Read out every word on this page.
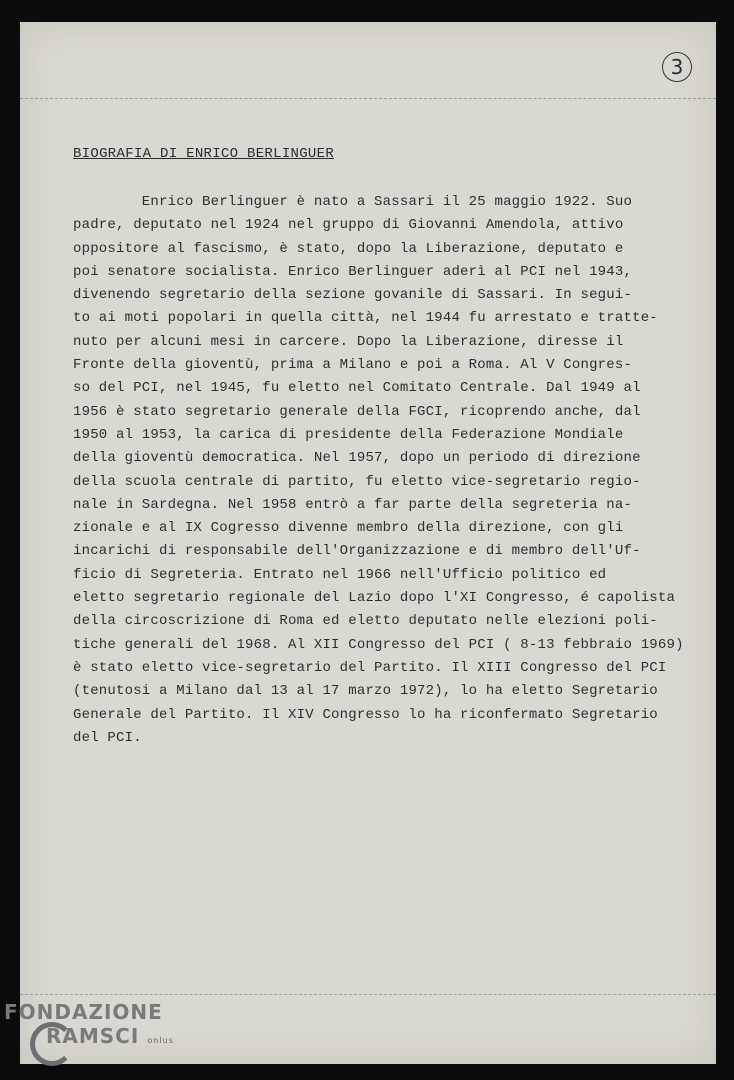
3
BIOGRAFIA DI ENRICO BERLINGUER
Enrico Berlinguer è nato a Sassari il 25 maggio 1922. Suo
padre, deputato nel 1924 nel gruppo di Giovanni Amendola, attivo
oppositore al fascismo, è stato, dopo la Liberazione, deputato e
poi senatore socialista. Enrico Berlinguer aderì al PCI nel 1943,
divenendo segretario della sezione govanile di Sassari. In segui-
to ai moti popolari in quella città, nel 1944 fu arrestato e tratte-
nuto per alcuni mesi in carcere. Dopo la Liberazione, diresse il
Fronte della gioventù, prima a Milano e poi a Roma. Al V Congres-
so del PCI, nel 1945, fu eletto nel Comitato Centrale. Dal 1949 al
1956 è stato segretario generale della FGCI, ricoprendo anche, dal
1950 al 1953, la carica di presidente della Federazione Mondiale
della gioventù democratica. Nel 1957, dopo un periodo di direzione
della scuola centrale di partito, fu eletto vice-segretario regio-
nale in Sardegna. Nel 1958 entrò a far parte della segreteria na-
zionale e al IX Cogresso divenne membro della direzione, con gli
incarichi di responsabile dell'Organizzazione e di membro dell'Uf-
ficio di Segreteria. Entrato nel 1966 nell'Ufficio politico ed
eletto segretario regionale del Lazio dopo l'XI Congresso, é capolista
della circoscrizione di Roma ed eletto deputato nelle elezioni poli-
tiche generali del 1968. Al XII Congresso del PCI ( 8-13 febbraio 1969)
è stato eletto vice-segretario del Partito. Il XIII Congresso del PCI
(tenutosi a Milano dal 13 al 17 marzo 1972), lo ha eletto Segretario
Generale del Partito. Il XIV Congresso lo ha riconfermato Segretario
del PCI.
FONDAZIONE
RAMSCI onlus
